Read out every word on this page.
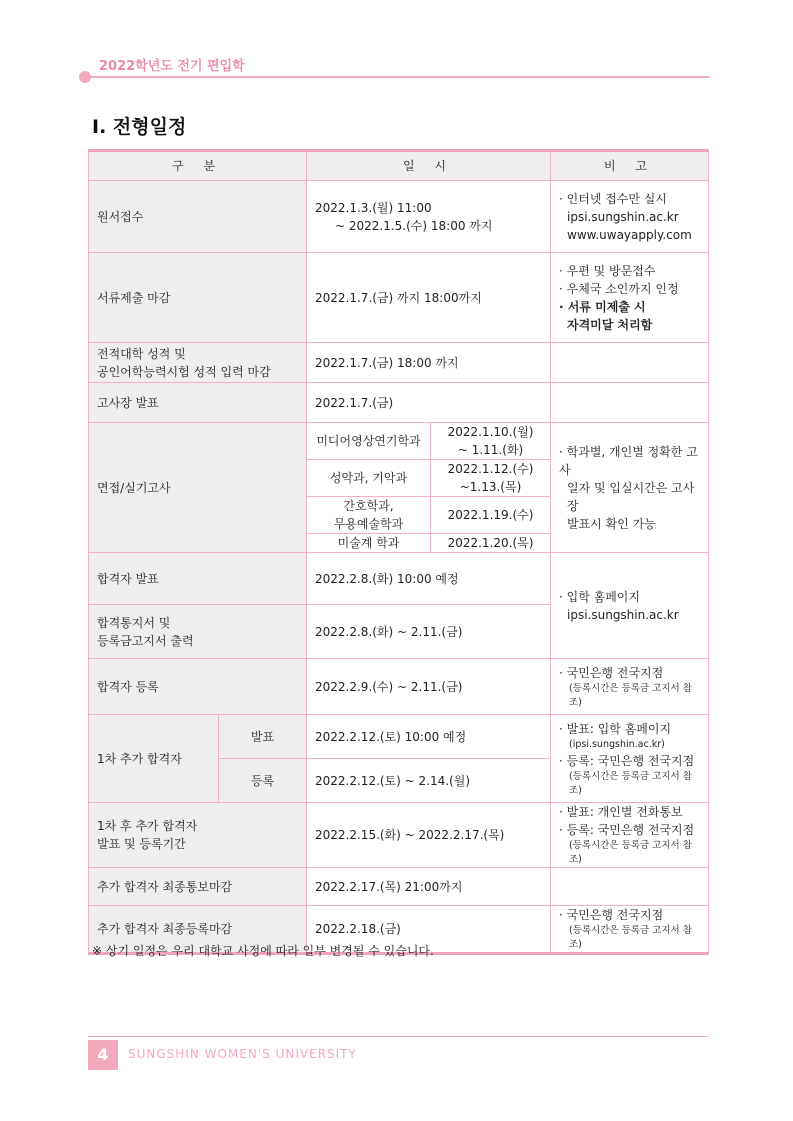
2022학년도 전기 편입학
Ⅰ. 전형일정
구 분		일 시		비 고
원서접수		2022.1.3.(월) 11:00
~ 2022.1.5.(수) 18:00 까지		· 인터넷 접수만 실시
ipsi.sungshin.ac.kr
www.uwayapply.com

서류제출 마감		2022.1.7.(금) 까지 18:00까지		· 우편 및 방문접수
· 우체국 소인까지 인정
· 서류 미제출 시
자격미달 처리함

전적대학 성적 및
공인어학능력시험 성적 입력 마감		2022.1.7.(금) 18:00 까지		
고사장 발표		2022.1.7.(금)		
면접/실기고사		미디어영상연기학과	2022.1.10.(월)
~ 1.11.(화)	· 학과별, 개인별 정확한 고사
일자 및 입실시간은 고사장
발표시 확인 가능

		성악과, 기악과	2022.1.12.(수)
~1.13.(목)	

		간호학과,
무용예술학과	2022.1.19.(수)	
		미술계 학과	2022.1.20.(목)	
합격자 발표		2022.2.8.(화) 10:00 예정		· 입학 홈페이지
ipsi.sungshin.ac.kr

합격통지서 및
등록금고지서 출력		2022.2.8.(화) ~ 2.11.(금)		
합격자 등록		2022.2.9.(수) ~ 2.11.(금)		· 국민은행 전국지점
(등록시간은 등록금 고지서 참조)

1차 추가 합격자	발표	2022.2.12.(토) 10:00 예정		· 발표: 입학 홈페이지
(ipsi.sungshin.ac.kr)
· 등록: 국민은행 전국지점
(등록시간은 등록금 고지서 참조)

	등록	2022.2.12.(토) ~ 2.14.(월)		

1차 후 추가 합격자
발표 및 등록기간		2022.2.15.(화) ~ 2022.2.17.(목)		· 발표: 개인별 전화통보
· 등록: 국민은행 전국지점
(등록시간은 등록금 고지서 참조)

추가 합격자 최종통보마감		2022.2.17.(목) 21:00까지		
추가 합격자 최종등록마감		2022.2.18.(금)		· 국민은행 전국지점
(등록시간은 등록금 고지서 참조)
※ 상기 일정은 우리 대학교 사정에 따라 일부 변경될 수 있습니다.
4	SUNGSHIN WOMEN'S UNIVERSITY
